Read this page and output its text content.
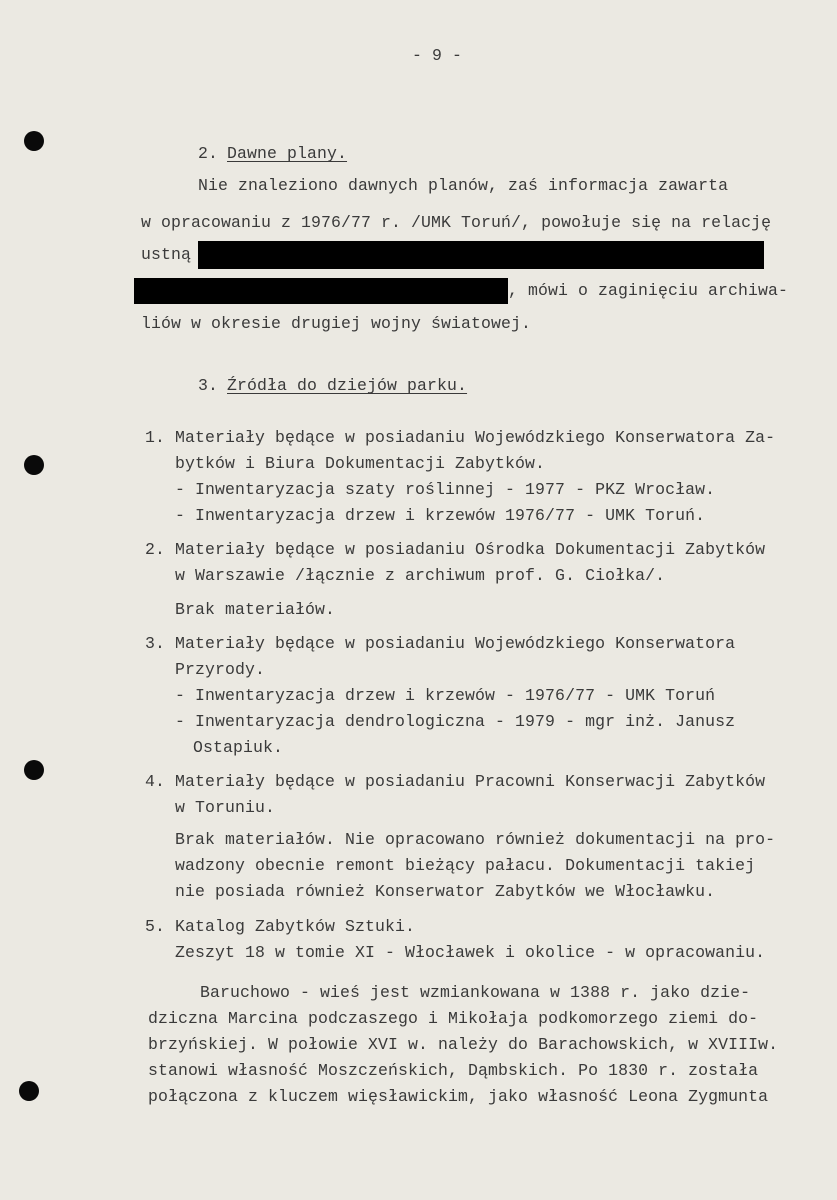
- 9 -
2. Dawne plany.
Nie znaleziono dawnych planów, zaś informacja zawarta
w opracowaniu z 1976/77 r. /UMK Toruń/, powołuje się na relację
ustną
, mówi o zaginięciu archiwa-
liów w okresie drugiej wojny światowej.
3. Źródła do dziejów parku.
1. Materiały będące w posiadaniu Wojewódzkiego Konserwatora Za-
bytków i Biura Dokumentacji Zabytków.
- Inwentaryzacja szaty roślinnej - 1977 - PKZ Wrocław.
- Inwentaryzacja drzew i krzewów 1976/77 - UMK Toruń.
2. Materiały będące w posiadaniu Ośrodka Dokumentacji Zabytków
w Warszawie /łącznie z archiwum prof. G. Ciołka/.
Brak materiałów.
3. Materiały będące w posiadaniu Wojewódzkiego Konserwatora
Przyrody.
- Inwentaryzacja drzew i krzewów - 1976/77 - UMK Toruń
- Inwentaryzacja dendrologiczna - 1979 - mgr inż. Janusz
Ostapiuk.
4. Materiały będące w posiadaniu Pracowni Konserwacji Zabytków
w Toruniu.
Brak materiałów. Nie opracowano również dokumentacji na pro-
wadzony obecnie remont bieżący pałacu. Dokumentacji takiej
nie posiada również Konserwator Zabytków we Włocławku.
5. Katalog Zabytków Sztuki.
Zeszyt 18 w tomie XI - Włocławek i okolice - w opracowaniu.
Baruchowo - wieś jest wzmiankowana w 1388 r. jako dzie-
dziczna Marcina podczaszego i Mikołaja podkomorzego ziemi do-
brzyńskiej. W połowie XVI w. należy do Barachowskich, w XVIIIw.
stanowi własność Moszczeńskich, Dąmbskich. Po 1830 r. została
połączona z kluczem więsławickim, jako własność Leona Zygmunta
